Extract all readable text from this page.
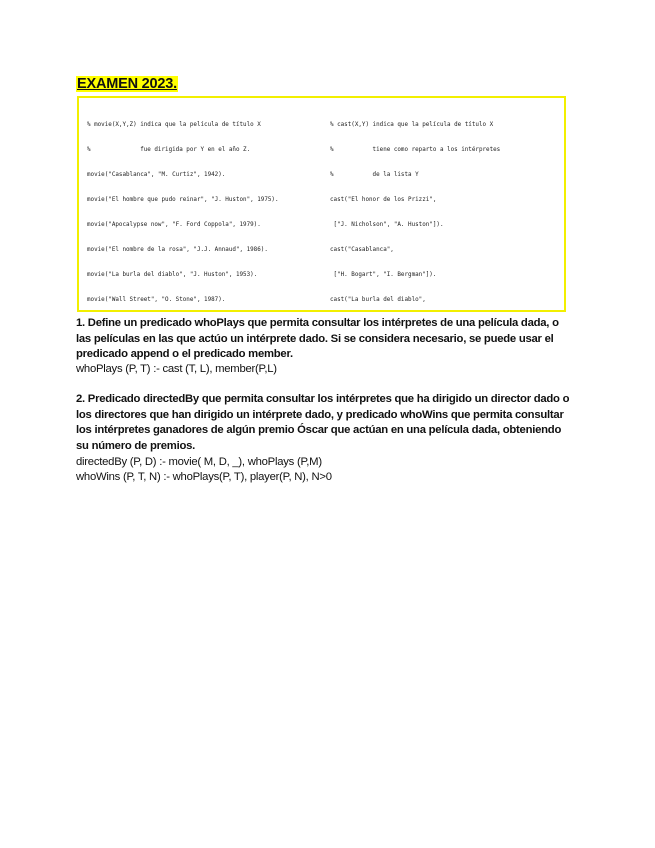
EXAMEN 2023.

% movie(X,Y,Z) indica que la película de título X

%              fue dirigida por Y en el año Z.

movie("Casablanca", "M. Curtiz", 1942).

movie("El hombre que pudo reinar", "J. Huston", 1975).

movie("Apocalypse now", "F. Ford Coppola", 1979).

movie("El nombre de la rosa", "J.J. Annaud", 1986).

movie("La burla del diablo", "J. Huston", 1953).

movie("Wall Street", "O. Stone", 1987).

% cast(X,Y) indica que la película de título X

%           tiene como reparto a los intérpretes

%           de la lista Y

cast("El honor de los Prizzi",

["J. Nicholson", "A. Huston"]).

cast("Casablanca",

["H. Bogart", "I. Bergman"]).

cast("La burla del diablo",

1. Define un predicado whoPlays que permita consultar los intérpretes de una película dada, o las películas en las que actúo un intérprete dado. Si se considera necesario, se puede usar el predicado append o el predicado member.
whoPlays (P, T) :- cast (T, L), member(P,L)
2. Predicado directedBy que permita consultar los intérpretes que ha dirigido un director dado o los directores que han dirigido un intérprete dado, y predicado whoWins que permita consultar los intérpretes ganadores de algún premio Óscar que actúan en una película dada, obteniendo su número de premios.
directedBy (P, D) :- movie( M, D, _), whoPlays (P,M)
whoWins (P, T, N) :- whoPlays(P, T), player(P, N), N>0
